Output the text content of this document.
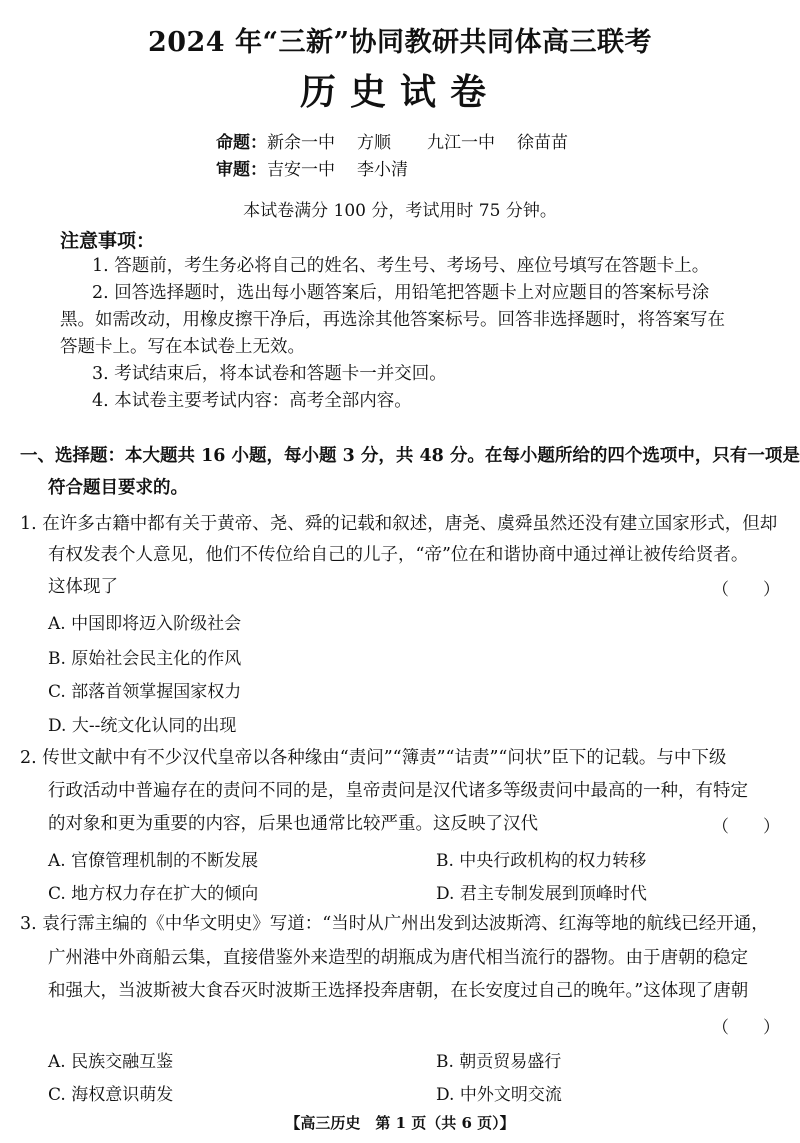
2024 年“三新”协同教研共同体高三联考
历史试卷
命题：新余一中 方顺 九江一中 徐苗苗
审题：吉安一中 李小清
本试卷满分 100 分，考试用时 75 分钟。
注意事项：
1. 答题前，考生务必将自己的姓名、考生号、考场号、座位号填写在答题卡上。
2. 回答选择题时，选出每小题答案后，用铅笔把答题卡上对应题目的答案标号涂
黑。如需改动，用橡皮擦干净后，再选涂其他答案标号。回答非选择题时，将答案写在
答题卡上。写在本试卷上无效。
3. 考试结束后，将本试卷和答题卡一并交回。
4. 本试卷主要考试内容：高考全部内容。
一、选择题：本大题共 16 小题，每小题 3 分，共 48 分。在每小题所给的四个选项中，只有一项是
符合题目要求的。
1. 在许多古籍中都有关于黄帝、尧、舜的记载和叙述，唐尧、虞舜虽然还没有建立国家形式，但却
有权发表个人意见，他们不传位给自己的儿子，“帝”位在和谐协商中通过禅让被传给贤者。
这体现了	（　　）
A. 中国即将迈入阶级社会
B. 原始社会民主化的作风
C. 部落首领掌握国家权力
D. 大--统文化认同的出现
2. 传世文献中有不少汉代皇帝以各种缘由“责问”“簿责”“诘责”“问状”臣下的记载。与中下级
行政活动中普遍存在的责问不同的是，皇帝责问是汉代诸多等级责问中最高的一种，有特定
的对象和更为重要的内容，后果也通常比较严重。这反映了汉代	（　　）
A. 官僚管理机制的不断发展	B. 中央行政机构的权力转移
C. 地方权力存在扩大的倾向	D. 君主专制发展到顶峰时代
3. 袁行霈主编的《中华文明史》写道：“当时从广州出发到达波斯湾、红海等地的航线已经开通，
广州港中外商船云集，直接借鉴外来造型的胡瓶成为唐代相当流行的器物。由于唐朝的稳定
和强大，当波斯被大食吞灭时波斯王选择投奔唐朝，在长安度过自己的晚年。”这体现了唐朝
（　　）
A. 民族交融互鉴	B. 朝贡贸易盛行
C. 海权意识萌发	D. 中外文明交流
【高三历史　第 1 页（共 6 页）】
